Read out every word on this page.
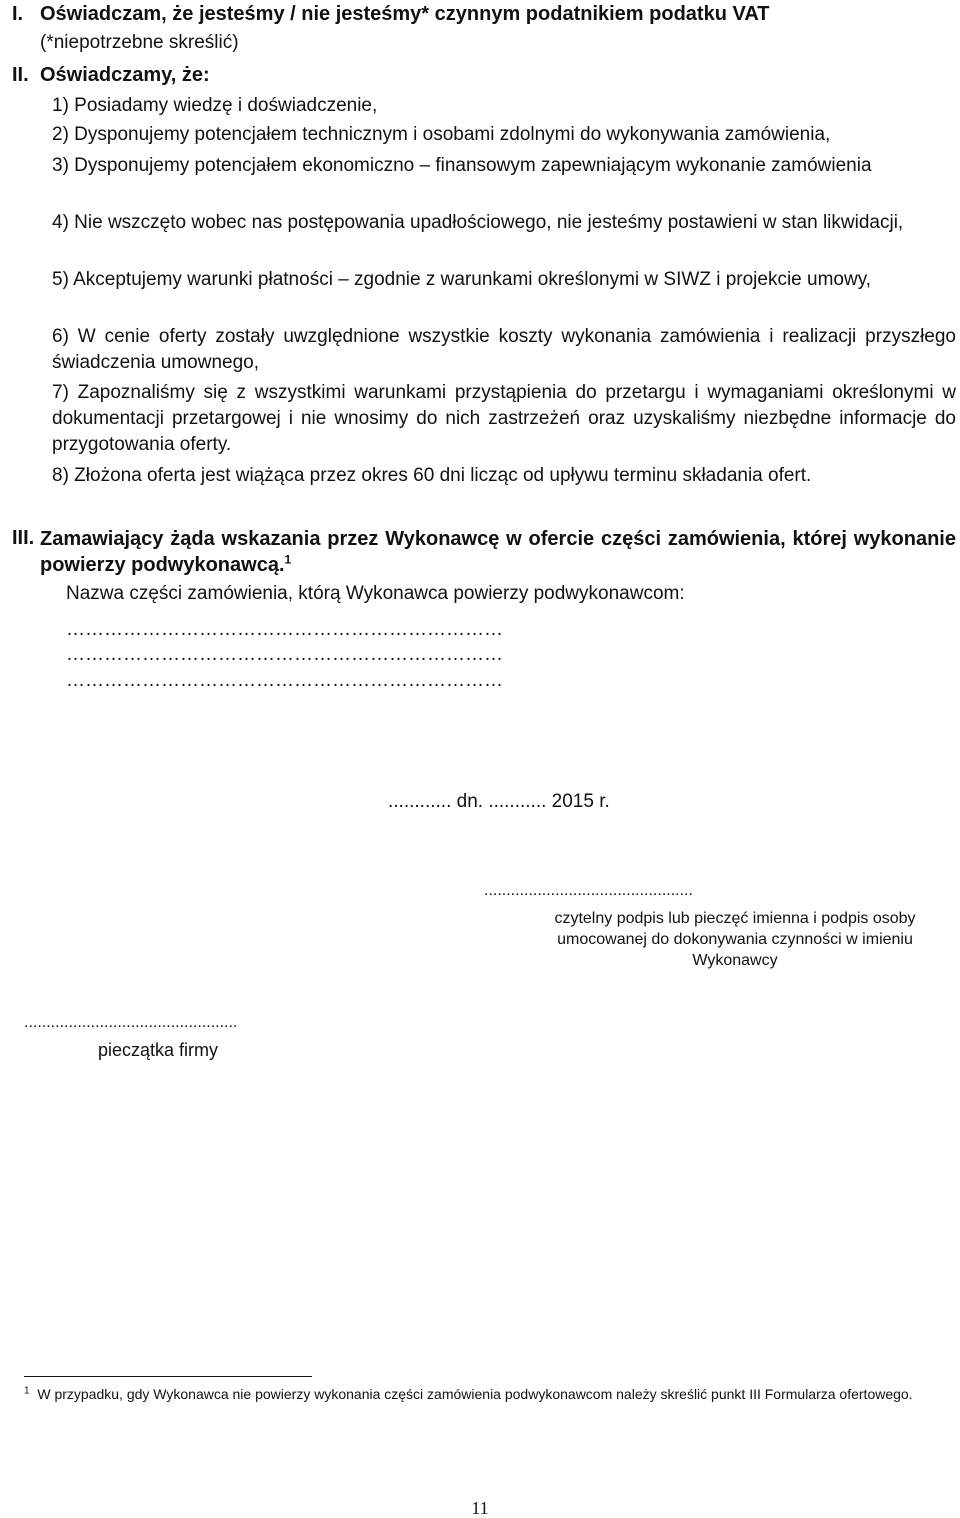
I. Oświadczam, że jesteśmy / nie jesteśmy* czynnym podatnikiem podatku VAT
(*niepotrzebne skreślić)
II. Oświadczamy, że:
1) Posiadamy wiedzę i doświadczenie,
2) Dysponujemy potencjałem technicznym i osobami zdolnymi do wykonywania zamówienia,
3) Dysponujemy potencjałem ekonomiczno – finansowym zapewniającym wykonanie zamówienia
4) Nie wszczęto wobec nas postępowania upadłościowego, nie jesteśmy postawieni w stan likwidacji,
5) Akceptujemy warunki płatności – zgodnie z warunkami określonymi w SIWZ i projekcie umowy,
6) W cenie oferty zostały uwzględnione wszystkie koszty wykonania zamówienia i realizacji przyszłego świadczenia umownego,
7) Zapoznaliśmy się z wszystkimi warunkami przystąpienia do przetargu i wymaganiami określonymi w dokumentacji przetargowej i nie wnosimy do nich zastrzeżeń oraz uzyskaliśmy niezbędne informacje do przygotowania oferty.
8) Złożona oferta jest wiążąca przez okres 60 dni licząc od upływu terminu składania ofert.
III. Zamawiający żąda wskazania przez Wykonawcę w ofercie części zamówienia, której wykonanie powierzy podwykonawcą.$^1$
Nazwa części zamówienia, którą Wykonawca powierzy podwykonawcom:
……………………………………………………………
……………………………………………………………
……………………………………………………………
............ dn. ........... 2015 r.
...............................................
czytelny podpis lub pieczęć imienna i podpis osoby umocowanej do dokonywania czynności w imieniu Wykonawcy
................................................
pieczątka firmy
$^1$ W przypadku, gdy Wykonawca nie powierzy wykonania części zamówienia podwykonawcom należy skreślić punkt III Formularza ofertowego.
11
